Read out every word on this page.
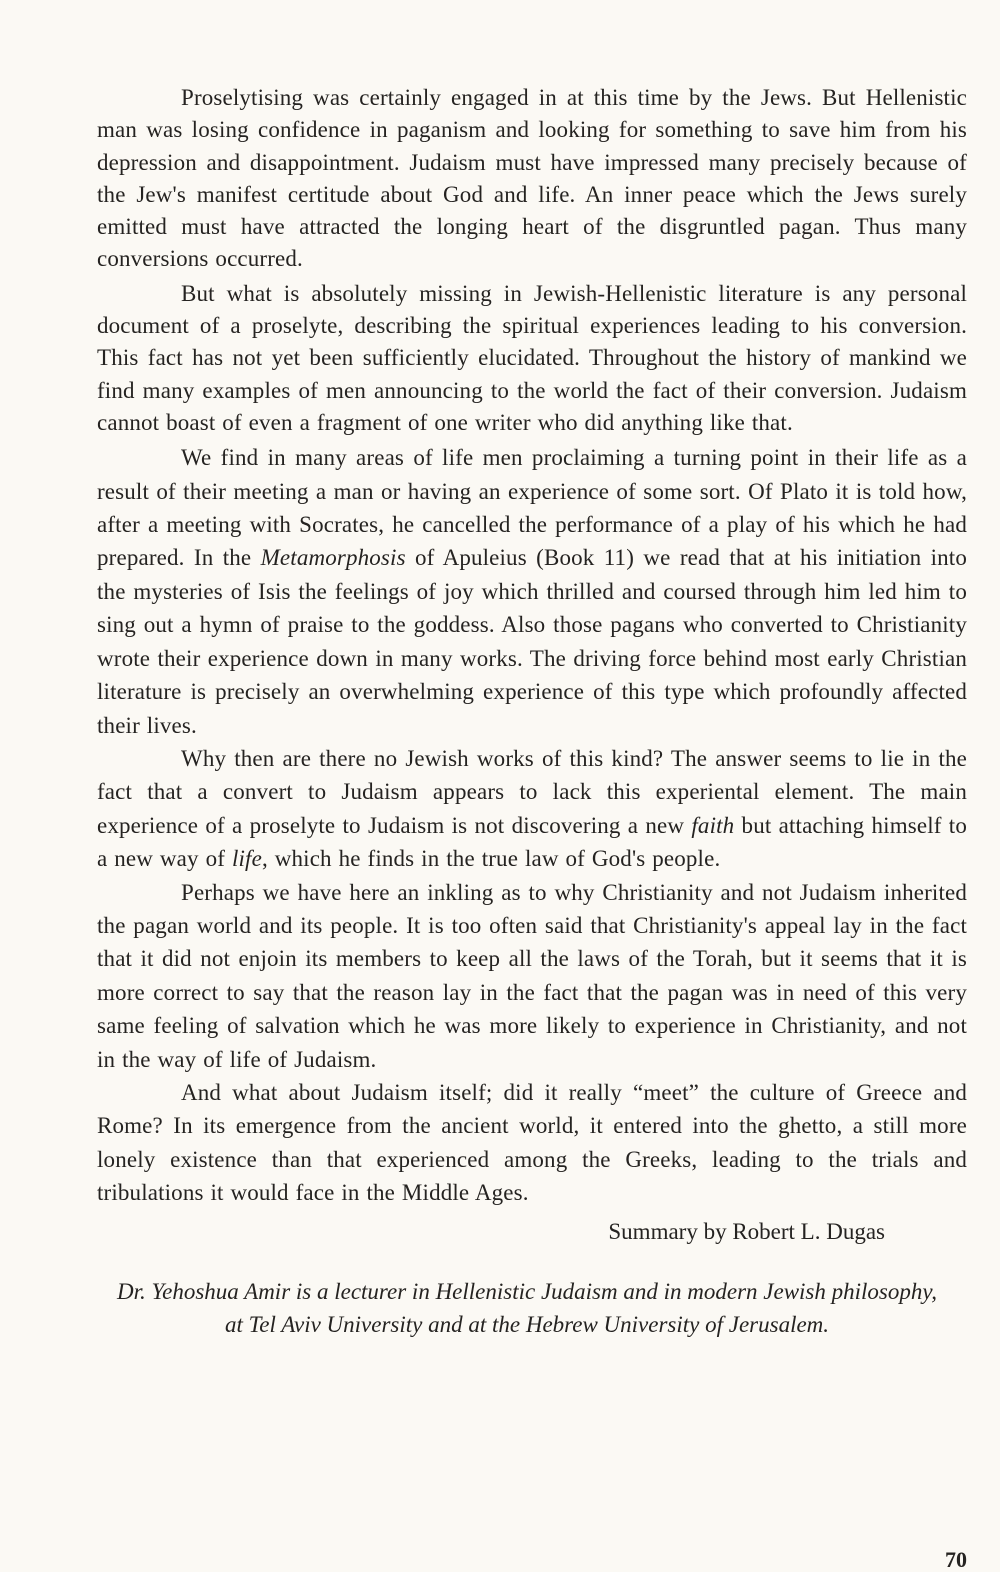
Proselytising was certainly engaged in at this time by the Jews. But Hellenistic man was losing confidence in paganism and looking for something to save him from his depression and disappointment. Judaism must have impressed many precisely because of the Jew's manifest certitude about God and life. An inner peace which the Jews surely emitted must have attracted the longing heart of the disgruntled pagan. Thus many conversions occurred.

But what is absolutely missing in Jewish-Hellenistic literature is any personal document of a proselyte, describing the spiritual experiences leading to his conversion. This fact has not yet been sufficiently elucidated. Throughout the history of mankind we find many examples of men announcing to the world the fact of their conversion. Judaism cannot boast of even a fragment of one writer who did anything like that.

We find in many areas of life men proclaiming a turning point in their life as a result of their meeting a man or having an experience of some sort. Of Plato it is told how, after a meeting with Socrates, he cancelled the performance of a play of his which he had prepared. In the Metamorphosis of Apuleius (Book 11) we read that at his initiation into the mysteries of Isis the feelings of joy which thrilled and coursed through him led him to sing out a hymn of praise to the goddess. Also those pagans who converted to Christianity wrote their experience down in many works. The driving force behind most early Christian literature is precisely an overwhelming experience of this type which profoundly affected their lives.

Why then are there no Jewish works of this kind? The answer seems to lie in the fact that a convert to Judaism appears to lack this experiental element. The main experience of a proselyte to Judaism is not discovering a new faith but attaching himself to a new way of life, which he finds in the true law of God's people.

Perhaps we have here an inkling as to why Christianity and not Judaism inherited the pagan world and its people. It is too often said that Christianity's appeal lay in the fact that it did not enjoin its members to keep all the laws of the Torah, but it seems that it is more correct to say that the reason lay in the fact that the pagan was in need of this very same feeling of salvation which he was more likely to experience in Christianity, and not in the way of life of Judaism.

And what about Judaism itself; did it really “meet” the culture of Greece and Rome? In its emergence from the ancient world, it entered into the ghetto, a still more lonely existence than that experienced among the Greeks, leading to the trials and tribulations it would face in the Middle Ages.

Summary by Robert L. Dugas

Dr. Yehoshua Amir is a lecturer in Hellenistic Judaism and in modern Jewish philosophy, at Tel Aviv University and at the Hebrew University of Jerusalem.

70
